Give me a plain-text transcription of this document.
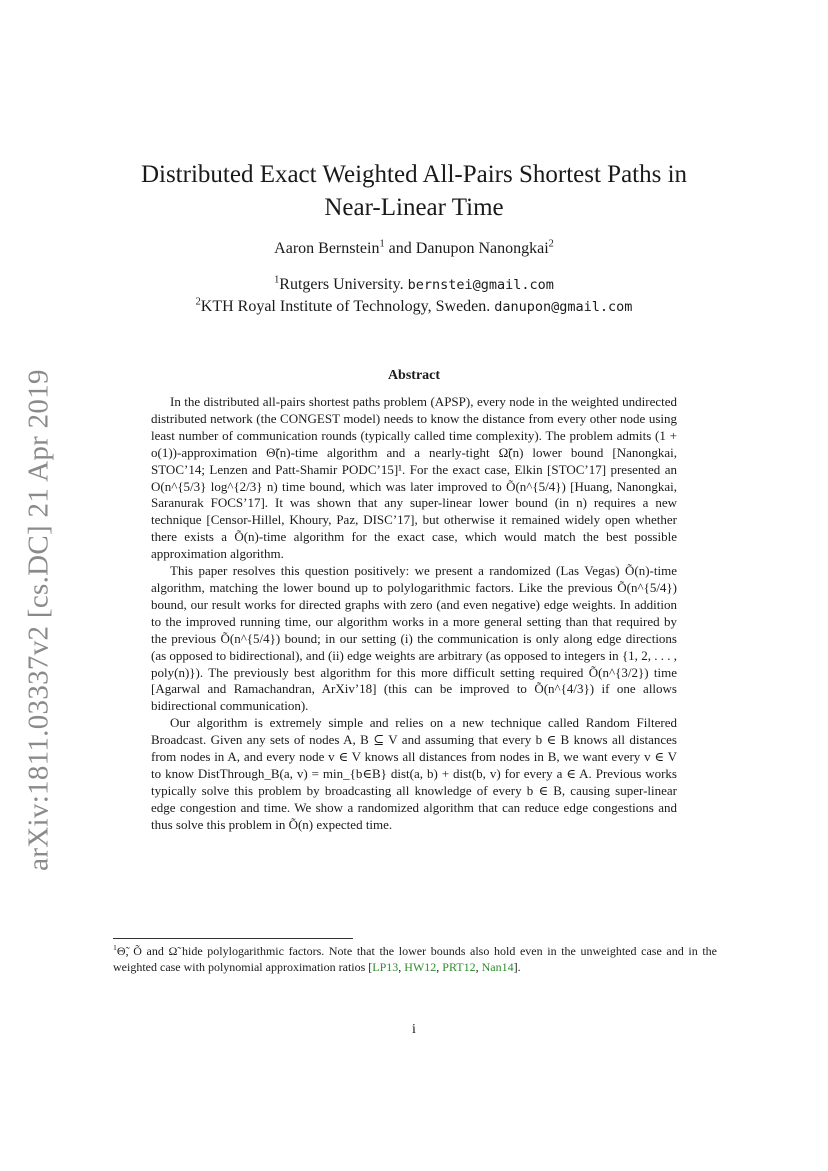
arXiv:1811.03337v2 [cs.DC] 21 Apr 2019
Distributed Exact Weighted All-Pairs Shortest Paths in
Near-Linear Time
Aaron Bernstein$^1$ and Danupon Nanongkai$^2$
$^1$Rutgers University. bernstei@gmail.com
$^2$KTH Royal Institute of Technology, Sweden. danupon@gmail.com
Abstract

In the distributed all-pairs shortest paths problem (APSP), every node in the weighted undirected distributed network (the CONGEST model) needs to know the distance from every other node using least number of communication rounds (typically called time complexity). The problem admits (1 + o(1))-approximation Θ̃(n)-time algorithm and a nearly-tight Ω̃(n) lower bound [Nanongkai, STOC’14; Lenzen and Patt-Shamir PODC’15]¹. For the exact case, Elkin [STOC’17] presented an O(n^{5/3} log^{2/3} n) time bound, which was later improved to Õ(n^{5/4}) [Huang, Nanongkai, Saranurak FOCS’17]. It was shown that any super-linear lower bound (in n) requires a new technique [Censor-Hillel, Khoury, Paz, DISC’17], but otherwise it remained widely open whether there exists a Õ(n)-time algorithm for the exact case, which would match the best possible approximation algorithm.

This paper resolves this question positively: we present a randomized (Las Vegas) Õ(n)-time algorithm, matching the lower bound up to polylogarithmic factors. Like the previous Õ(n^{5/4}) bound, our result works for directed graphs with zero (and even negative) edge weights. In addition to the improved running time, our algorithm works in a more general setting than that required by the previous Õ(n^{5/4}) bound; in our setting (i) the communication is only along edge directions (as opposed to bidirectional), and (ii) edge weights are arbitrary (as opposed to integers in {1, 2, . . . , poly(n)}). The previously best algorithm for this more difficult setting required Õ(n^{3/2}) time [Agarwal and Ramachandran, ArXiv’18] (this can be improved to Õ(n^{4/3}) if one allows bidirectional communication).

Our algorithm is extremely simple and relies on a new technique called Random Filtered Broadcast. Given any sets of nodes A, B ⊆ V and assuming that every b ∈ B knows all distances from nodes in A, and every node v ∈ V knows all distances from nodes in B, we want every v ∈ V to know DistThrough_B(a, v) = min_{b∈B} dist(a, b) + dist(b, v) for every a ∈ A. Previous works typically solve this problem by broadcasting all knowledge of every b ∈ B, causing super-linear edge congestion and time. We show a randomized algorithm that can reduce edge congestions and thus solve this problem in Õ(n) expected time.

$^1$Θ̃, Õ and Ω̃ hide polylogarithmic factors. Note that the lower bounds also hold even in the unweighted case and in the weighted case with polynomial approximation ratios [LP13, HW12, PRT12, Nan14].
i
